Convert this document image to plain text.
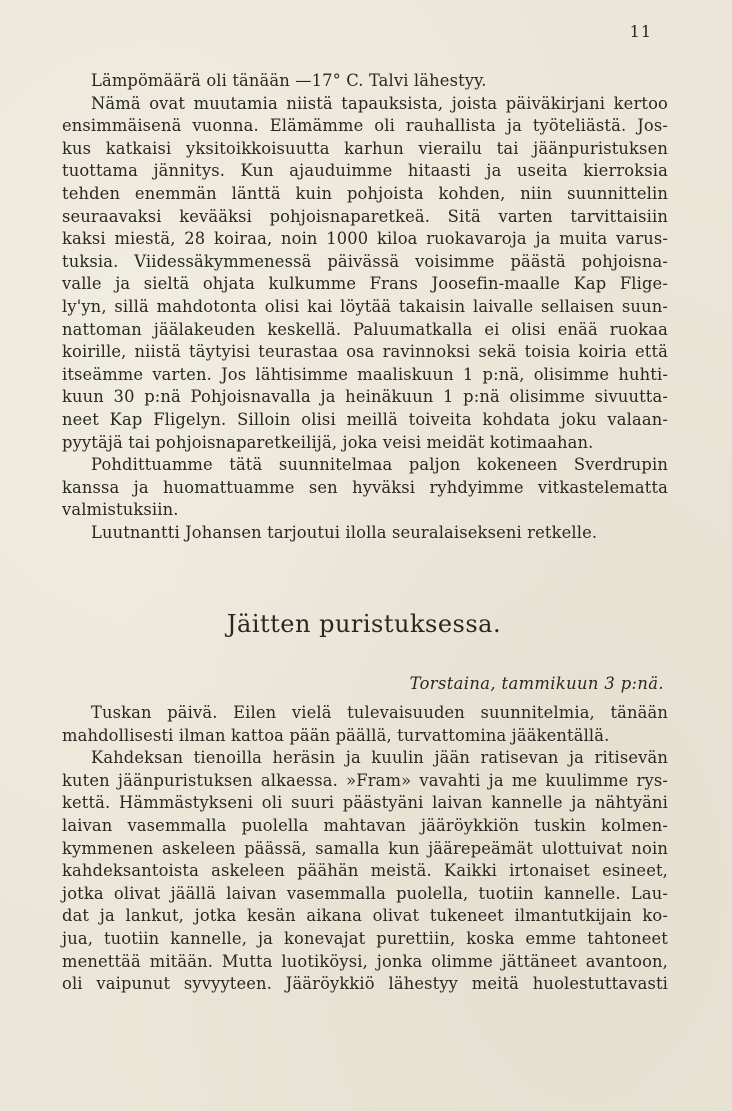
11
Lämpömäärä oli tänään —17° C. Talvi lähestyy.
Nämä ovat muutamia niistä tapauksista, joista päiväkirjani kertoo
ensimmäisenä vuonna. Elämämme oli rauhallista ja työteliästä. Jos-
kus katkaisi yksitoikkoisuutta karhun vierailu tai jäänpuristuksen
tuottama jännitys. Kun ajauduimme hitaasti ja useita kierroksia
tehden enemmän länttä kuin pohjoista kohden, niin suunnittelin
seuraavaksi kevääksi pohjoisnaparetkeä. Sitä varten tarvittaisiin
kaksi miestä, 28 koiraa, noin 1000 kiloa ruokavaroja ja muita varus-
tuksia. Viidessäkymmenessä päivässä voisimme päästä pohjoisna-
valle ja sieltä ohjata kulkumme Frans Joosefin-maalle Kap Flige-
ly'yn, sillä mahdotonta olisi kai löytää takaisin laivalle sellaisen suun-
nattoman jäälakeuden keskellä. Paluumatkalla ei olisi enää ruokaa
koirille, niistä täytyisi teurastaa osa ravinnoksi sekä toisia koiria että
itseämme varten. Jos lähtisimme maaliskuun 1 p:nä, olisimme huhti-
kuun 30 p:nä Pohjoisnavalla ja heinäkuun 1 p:nä olisimme sivuutta-
neet Kap Fligelyn. Silloin olisi meillä toiveita kohdata joku valaan-
pyytäjä tai pohjoisnaparetkeilijä, joka veisi meidät kotimaahan.
Pohdittuamme tätä suunnitelmaa paljon kokeneen Sverdrupin
kanssa ja huomattuamme sen hyväksi ryhdyimme vitkastelematta
valmistuksiin.
Luutnantti Johansen tarjoutui ilolla seuralaisekseni retkelle.
Jäitten puristuksessa.
Torstaina, tammikuun 3 p:nä.
Tuskan päivä. Eilen vielä tulevaisuuden suunnitelmia, tänään
mahdollisesti ilman kattoa pään päällä, turvattomina jääkentällä.
Kahdeksan tienoilla heräsin ja kuulin jään ratisevan ja ritisevän
kuten jäänpuristuksen alkaessa. »Fram» vavahti ja me kuulimme rys-
kettä. Hämmästykseni oli suuri päästyäni laivan kannelle ja nähtyäni
laivan vasemmalla puolella mahtavan jääröykkiön tuskin kolmen-
kymmenen askeleen päässä, samalla kun jäärepeämät ulottuivat noin
kahdeksantoista askeleen päähän meistä. Kaikki irtonaiset esineet,
jotka olivat jäällä laivan vasemmalla puolella, tuotiin kannelle. Lau-
dat ja lankut, jotka kesän aikana olivat tukeneet ilmantutkijain ko-
jua, tuotiin kannelle, ja konevajat purettiin, koska emme tahtoneet
menettää mitään. Mutta luotiköysi, jonka olimme jättäneet avantoon,
oli vaipunut syvyyteen. Jääröykkiö lähestyy meitä huolestuttavasti
